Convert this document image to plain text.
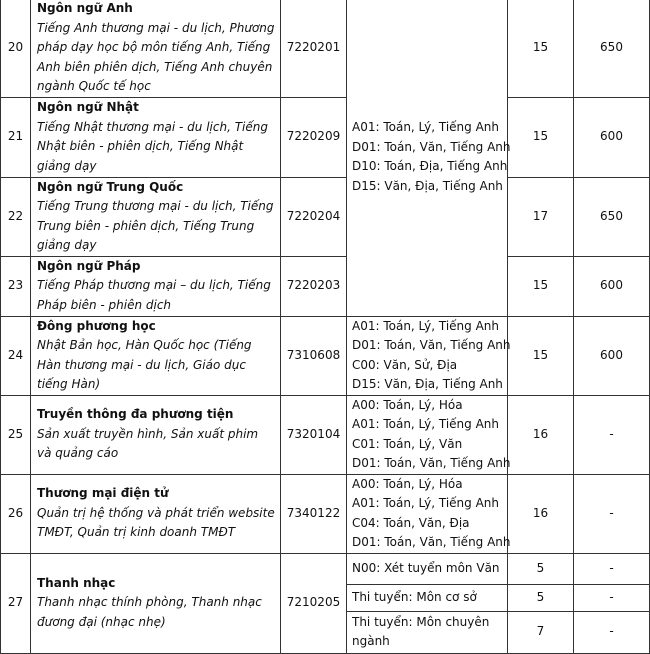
20	Ngôn ngữ Anh
Tiếng Anh thương mại - du lịch, Phương pháp dạy học bộ môn tiếng Anh, Tiếng Anh biên phiên dịch, Tiếng Anh chuyên ngành Quốc tế học	7220201	A01: Toán, Lý, Tiếng Anh
D01: Toán, Văn, Tiếng Anh
D10: Toán, Địa, Tiếng Anh
D15: Văn, Địa, Tiếng Anh	15	650
21	Ngôn ngữ Nhật
Tiếng Nhật thương mại - du lịch, Tiếng Nhật biên - phiên dịch, Tiếng Nhật giảng dạy	7220209		15	600
22	Ngôn ngữ Trung Quốc
Tiếng Trung thương mại - du lịch, Tiếng Trung biên - phiên dịch, Tiếng Trung giảng dạy	7220204		17	650
23	Ngôn ngữ Pháp
Tiếng Pháp thương mại – du lịch, Tiếng Pháp biên - phiên dịch	7220203		15	600
24	Đông phương học
Nhật Bản học, Hàn Quốc học (Tiếng Hàn thương mại - du lịch, Giáo dục tiếng Hàn)	7310608	A01: Toán, Lý, Tiếng Anh
D01: Toán, Văn, Tiếng Anh
C00: Văn, Sử, Địa
D15: Văn, Địa, Tiếng Anh	15	600
25	Truyền thông đa phương tiện
Sản xuất truyền hình, Sản xuất phim và quảng cáo	7320104	A00: Toán, Lý, Hóa
A01: Toán, Lý, Tiếng Anh
C01: Toán, Lý, Văn
D01: Toán, Văn, Tiếng Anh	16	-
26	Thương mại điện tử
Quản trị hệ thống và phát triển website TMĐT, Quản trị kinh doanh TMĐT	7340122	A00: Toán, Lý, Hóa
A01: Toán, Lý, Tiếng Anh
C04: Toán, Văn, Địa
D01: Toán, Văn, Tiếng Anh	16	-
27	Thanh nhạc
Thanh nhạc thính phòng, Thanh nhạc đương đại (nhạc nhẹ)	7210205	N00: Xét tuyển môn Văn	5	-
			Thi tuyển: Môn cơ sở	5	-
			Thi tuyển: Môn chuyên ngành	7	-
